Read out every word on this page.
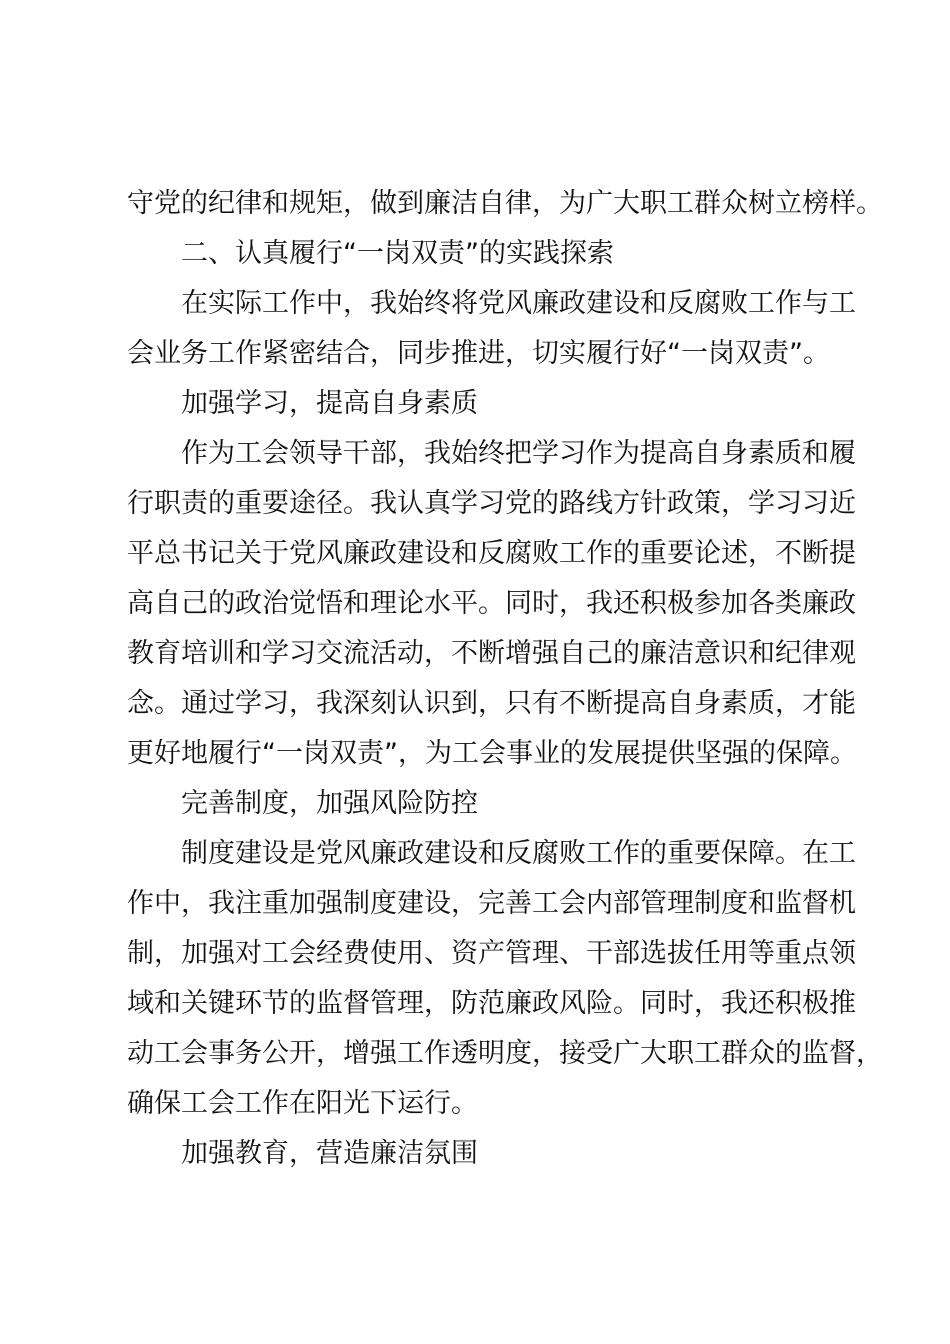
守党的纪律和规矩，做到廉洁自律，为广大职工群众树立榜样。
二、认真履行“一岗双责”的实践探索
在实际工作中，我始终将党风廉政建设和反腐败工作与工
会业务工作紧密结合，同步推进，切实履行好“一岗双责”。
加强学习，提高自身素质
作为工会领导干部，我始终把学习作为提高自身素质和履
行职责的重要途径。我认真学习党的路线方针政策，学习习近
平总书记关于党风廉政建设和反腐败工作的重要论述，不断提
高自己的政治觉悟和理论水平。同时，我还积极参加各类廉政
教育培训和学习交流活动，不断增强自己的廉洁意识和纪律观
念。通过学习，我深刻认识到，只有不断提高自身素质，才能
更好地履行“一岗双责”，为工会事业的发展提供坚强的保障。
完善制度，加强风险防控
制度建设是党风廉政建设和反腐败工作的重要保障。在工
作中，我注重加强制度建设，完善工会内部管理制度和监督机
制，加强对工会经费使用、资产管理、干部选拔任用等重点领
域和关键环节的监督管理，防范廉政风险。同时，我还积极推
动工会事务公开，增强工作透明度，接受广大职工群众的监督，
确保工会工作在阳光下运行。
加强教育，营造廉洁氛围
